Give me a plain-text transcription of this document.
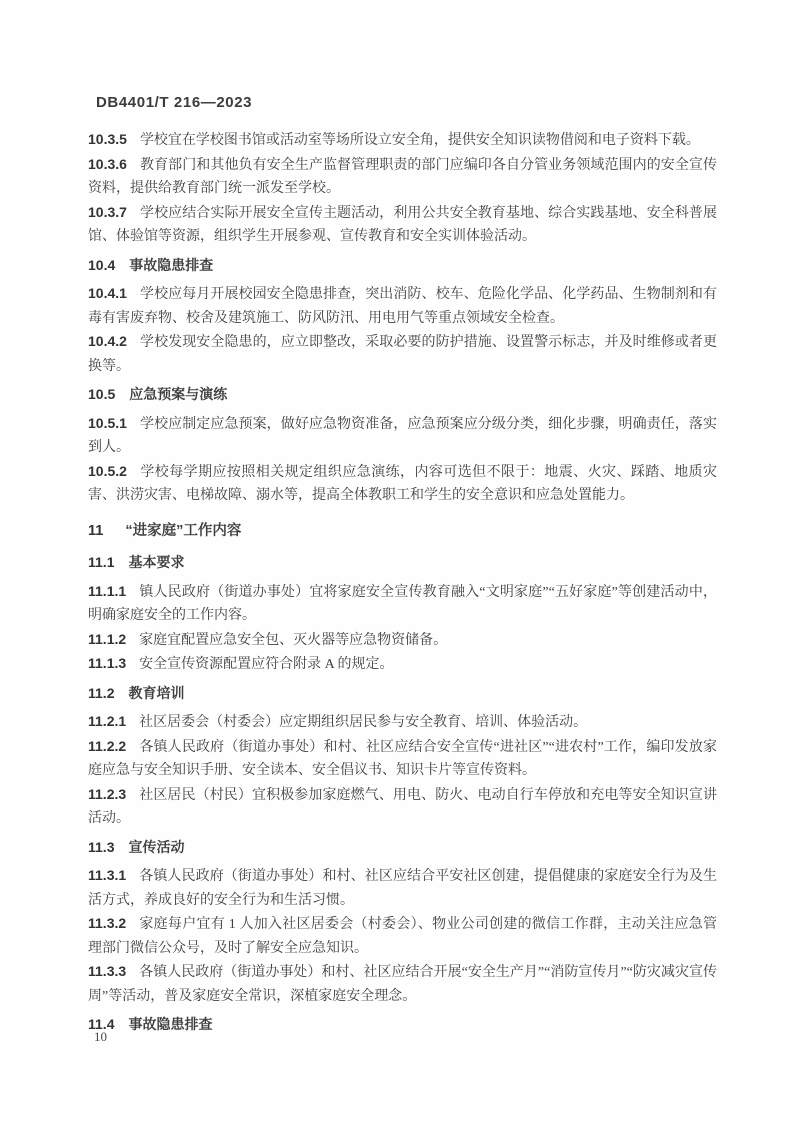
DB4401/T 216—2023

10.3.5 学校宜在学校图书馆或活动室等场所设立安全角，提供安全知识读物借阅和电子资料下载。

10.3.6 教育部门和其他负有安全生产监督管理职责的部门应编印各自分管业务领域范围内的安全宣传资料，提供给教育部门统一派发至学校。

10.3.7 学校应结合实际开展安全宣传主题活动，利用公共安全教育基地、综合实践基地、安全科普展馆、体验馆等资源，组织学生开展参观、宣传教育和安全实训体验活动。

10.4 事故隐患排查

10.4.1 学校应每月开展校园安全隐患排查，突出消防、校车、危险化学品、化学药品、生物制剂和有毒有害废弃物、校舍及建筑施工、防风防汛、用电用气等重点领域安全检查。

10.4.2 学校发现安全隐患的，应立即整改，采取必要的防护措施、设置警示标志，并及时维修或者更换等。

10.5 应急预案与演练

10.5.1 学校应制定应急预案，做好应急物资准备，应急预案应分级分类，细化步骤，明确责任，落实到人。

10.5.2 学校每学期应按照相关规定组织应急演练，内容可选但不限于：地震、火灾、踩踏、地质灾害、洪涝灾害、电梯故障、溺水等，提高全体教职工和学生的安全意识和应急处置能力。

11 “进家庭”工作内容

11.1 基本要求

11.1.1 镇人民政府（街道办事处）宜将家庭安全宣传教育融入“文明家庭”“五好家庭”等创建活动中，明确家庭安全的工作内容。

11.1.2 家庭宜配置应急安全包、灭火器等应急物资储备。

11.1.3 安全宣传资源配置应符合附录 A 的规定。

11.2 教育培训

11.2.1 社区居委会（村委会）应定期组织居民参与安全教育、培训、体验活动。

11.2.2 各镇人民政府（街道办事处）和村、社区应结合安全宣传“进社区”“进农村”工作，编印发放家庭应急与安全知识手册、安全读本、安全倡议书、知识卡片等宣传资料。

11.2.3 社区居民（村民）宜积极参加家庭燃气、用电、防火、电动自行车停放和充电等安全知识宣讲活动。

11.3 宣传活动

11.3.1 各镇人民政府（街道办事处）和村、社区应结合平安社区创建，提倡健康的家庭安全行为及生活方式，养成良好的安全行为和生活习惯。

11.3.2 家庭每户宜有 1 人加入社区居委会（村委会）、物业公司创建的微信工作群，主动关注应急管理部门微信公众号，及时了解安全应急知识。

11.3.3 各镇人民政府（街道办事处）和村、社区应结合开展“安全生产月”“消防宣传月”“防灾减灾宣传周”等活动，普及家庭安全常识，深植家庭安全理念。

11.4 事故隐患排查

10
